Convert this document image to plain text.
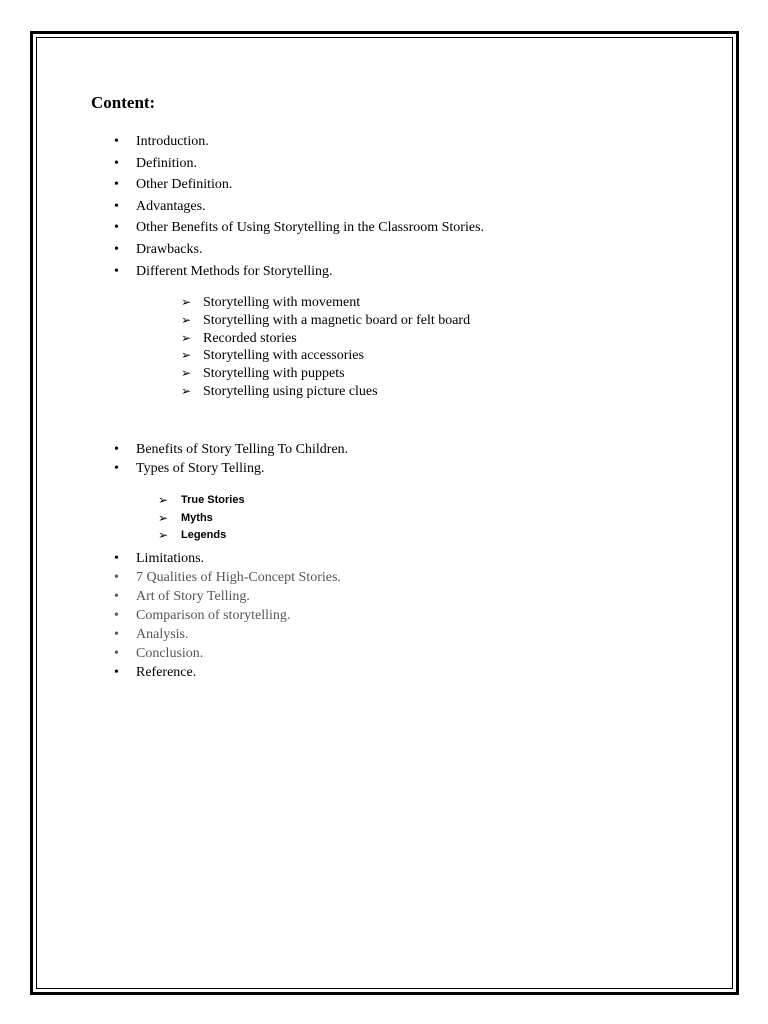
Content:
• Introduction.
• Definition.
• Other Definition.
• Advantages.
• Other Benefits of Using Storytelling in the Classroom Stories.
• Drawbacks.
• Different Methods for Storytelling.
➢ Storytelling with movement
➢ Storytelling with a magnetic board or felt board
➢ Recorded stories
➢ Storytelling with accessories
➢ Storytelling with puppets
➢ Storytelling using picture clues
• Benefits of Story Telling To Children.
• Types of Story Telling.
➢ True Stories
➢ Myths
➢ Legends
• Limitations.
• 7 Qualities of High-Concept Stories.
• Art of Story Telling.
• Comparison of storytelling.
• Analysis.
• Conclusion.
• Reference.
